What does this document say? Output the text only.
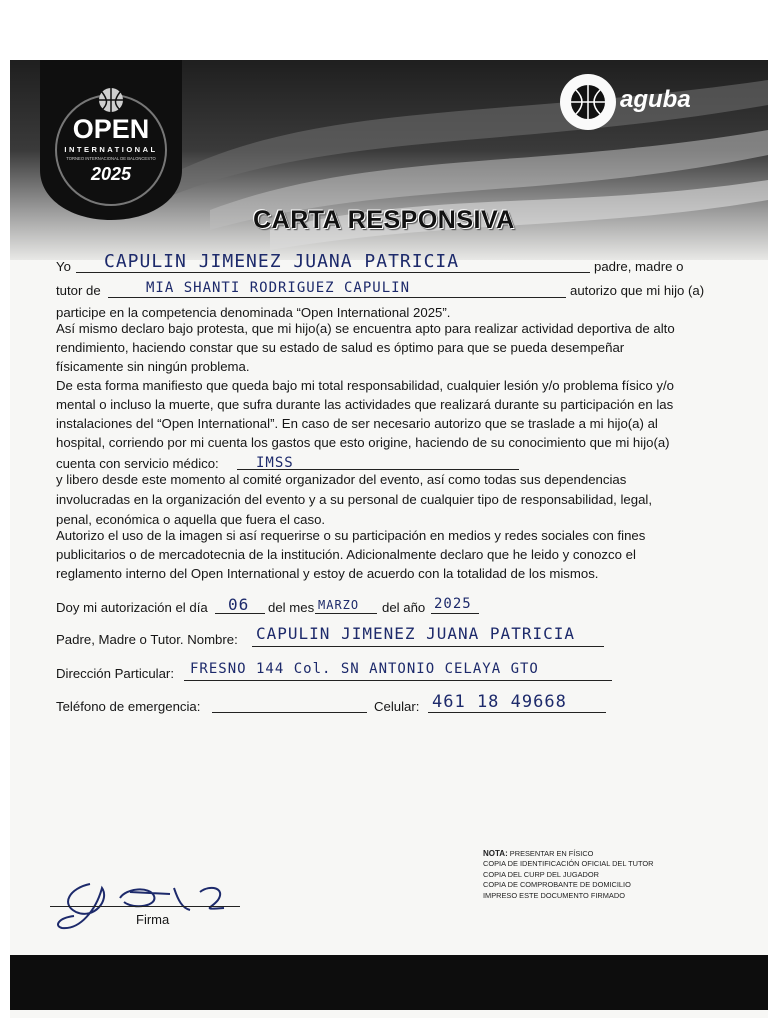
OPEN
INTERNATIONAL
TORNEO INTERNACIONAL DE BALONCESTO
2025
aguba
CARTA RESPONSIVA
Yo CAPULIN JIMENEZ JUANA PATRICIA	padre, madre o
tutor de	MIA SHANTI RODRIGUEZ CAPULIN	autorizo que mi hijo (a)
participe en la competencia denominada “Open International 2025”.
Así mismo declaro bajo protesta, que mi hijo(a) se encuentra apto para realizar actividad deportiva de alto
rendimiento, haciendo constar que su estado de salud es óptimo para que se pueda desempeñar
físicamente sin ningún problema.
De esta forma manifiesto que queda bajo mi total responsabilidad, cualquier lesión y/o problema físico y/o
mental o incluso la muerte, que sufra durante las actividades que realizará durante su participación en las
instalaciones del “Open International”. En caso de ser necesario autorizo que se traslade a mi hijo(a) al
hospital, corriendo por mi cuenta los gastos que esto origine, haciendo de su conocimiento que mi hijo(a)
cuenta con servicio médico:	IMSS
y libero desde este momento al comité organizador del evento, así como todas sus dependencias
involucradas en la organización del evento y a su personal de cualquier tipo de responsabilidad, legal,
penal, económica o aquella que fuera el caso.
Autorizo el uso de la imagen si así requerirse o su participación en medios y redes sociales con fines
publicitarios o de mercadotecnia de la institución. Adicionalmente declaro que he leido y conozco el
reglamento interno del Open International y estoy de acuerdo con la totalidad de los mismos.
Doy mi autorización el día 06 del mes MARZO del año 2025
Padre, Madre o Tutor. Nombre: CAPULIN JIMENEZ JUANA PATRICIA
Dirección Particular: FRESNO 144 Col. SN ANTONIO CELAYA GTO
Teléfono de emergencia:	Celular: 461 18 49668
NOTA: PRESENTAR EN FÍSICO
COPIA DE IDENTIFICACIÓN OFICIAL DEL TUTOR
COPIA DEL CURP DEL JUGADOR
COPIA DE COMPROBANTE DE DOMICILIO
IMPRESO ESTE DOCUMENTO FIRMADO
Firma
